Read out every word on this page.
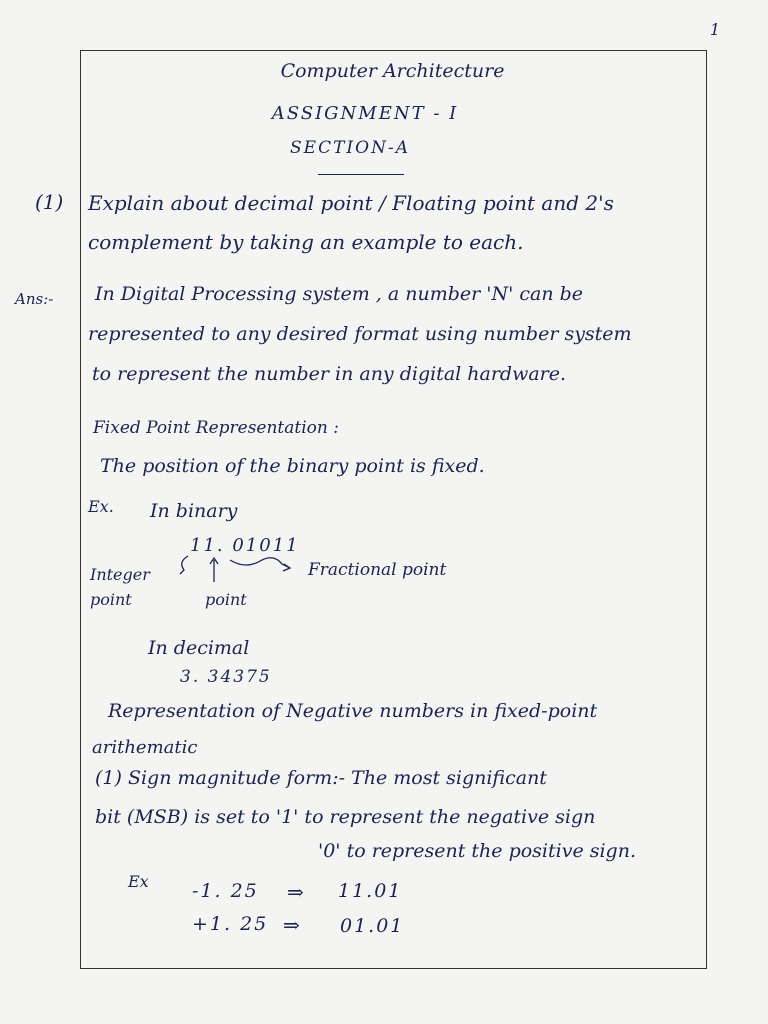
1
Computer Architecture
ASSIGNMENT - I
SECTION-A
(1) Explain about decimal point / Floating point and 2's
complement by taking an example to each.
Ans:- In Digital Processing system , a number 'N' can be
represented to any desired format using number system
to represent the number in any digital hardware.
Fixed Point Representation :
The position of the binary point is fixed.
Ex. In binary
11. 01011
Integer
point	point
Fractional point
In decimal
3. 34375
Representation of Negative numbers in fixed-point
arithematic
(1) Sign magnitude form:- The most significant
bit (MSB) is set to '1' to represent the negative sign
'0' to represent the positive sign.
Ex -1. 25 ⇒ 11.01
+1. 25 ⇒ 01.01
